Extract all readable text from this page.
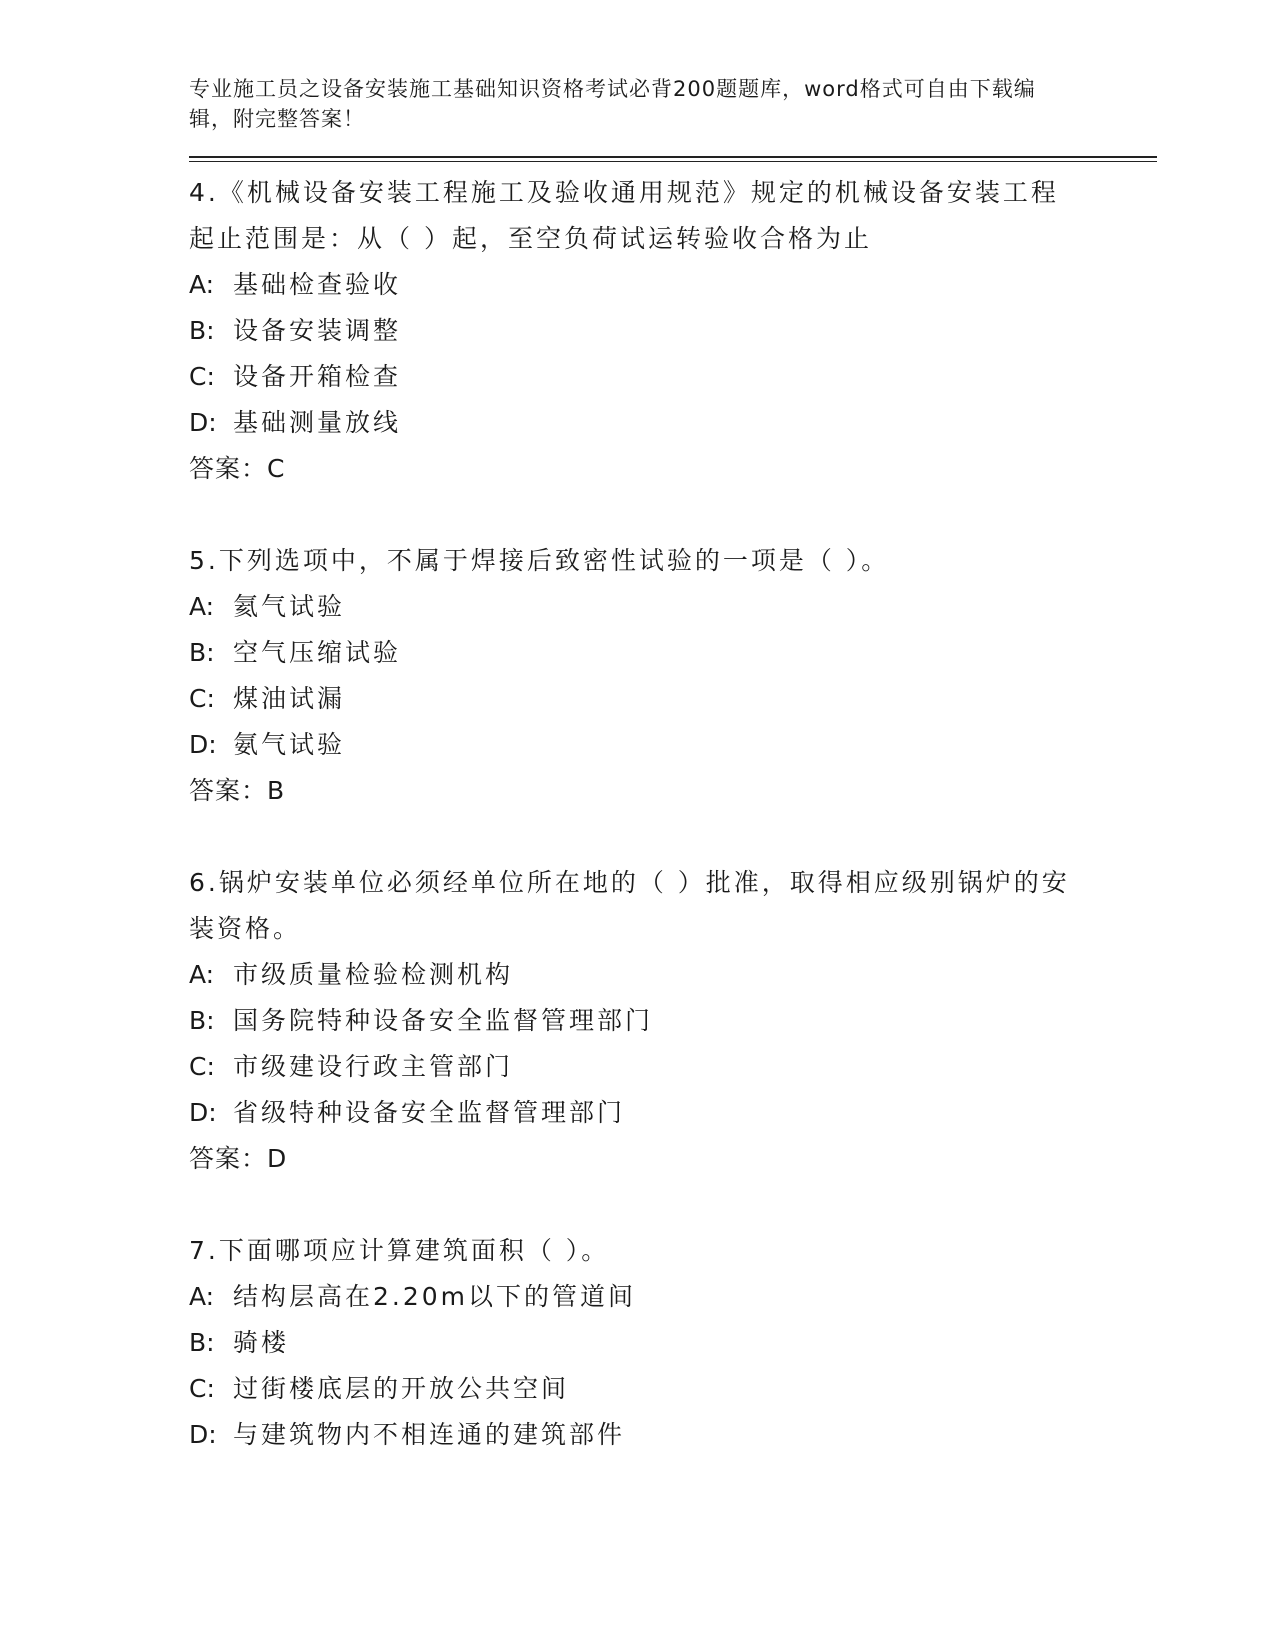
专业施工员之设备安装施工基础知识资格考试必背200题题库，word格式可自由下载编辑，附完整答案！

4.《机械设备安装工程施工及验收通用规范》规定的机械设备安装工程起止范围是：从（ ）起，至空负荷试运转验收合格为止

A: 基础检查验收

B: 设备安装调整

C: 设备开箱检查

D: 基础测量放线

答案：C

5.下列选项中，不属于焊接后致密性试验的一项是（ ）。

A: 氦气试验

B: 空气压缩试验

C: 煤油试漏

D: 氨气试验

答案：B

6.锅炉安装单位必须经单位所在地的（ ）批准，取得相应级别锅炉的安装资格。

A: 市级质量检验检测机构

B: 国务院特种设备安全监督管理部门

C: 市级建设行政主管部门

D: 省级特种设备安全监督管理部门

答案：D

7.下面哪项应计算建筑面积（ ）。

A: 结构层高在2.20m以下的管道间

B: 骑楼

C: 过街楼底层的开放公共空间

D: 与建筑物内不相连通的建筑部件
